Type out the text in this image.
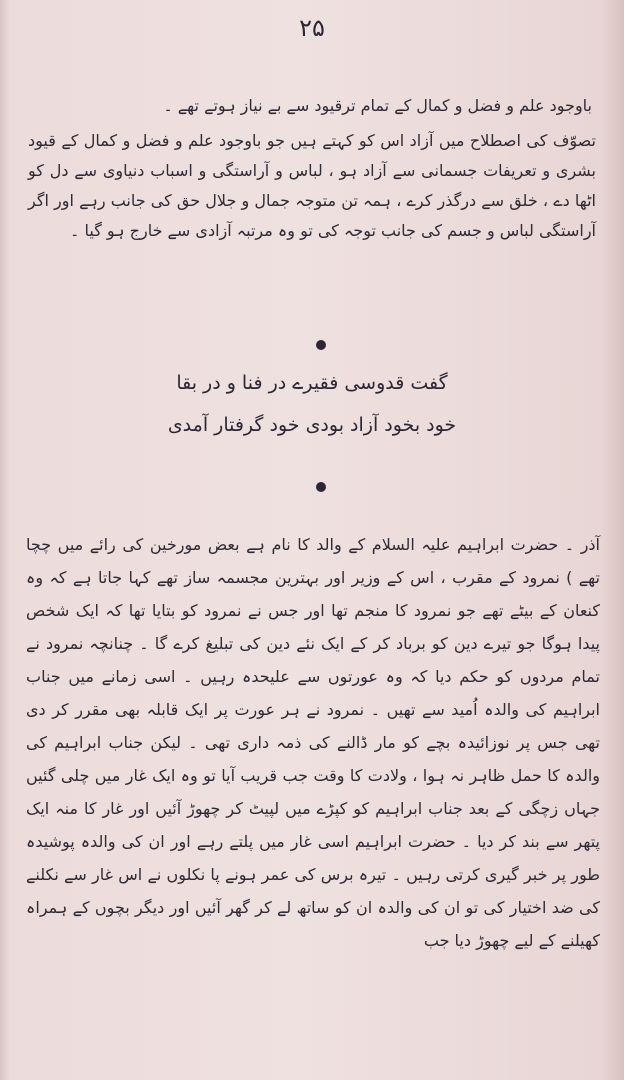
۲۵
باوجود علم و فضل و کمال کے تمام ترقیود سے بے نیاز ہوتے تھے ۔
تصوّف کی اصطلاح میں آزاد اس کو کہتے ہیں جو باوجود علم و فضل و کمال کے قیود بشری و تعریفات جسمانی سے آزاد ہو ، لباس و آراستگی و اسباب دنیاوی سے دل کو اٹھا دے ، خلق سے درگذر کرے ، ہمہ تن متوجہ جمال و جلال حق کی جانب رہے اور اگر آراستگی لباس و جسم کی جانب توجہ کی تو وہ مرتبہ آزادی سے خارج ہو گیا ۔
گفت قدوسی فقیرے در فنا و در بقا
خود بخود آزاد بودی خود گرفتار آمدی
آذر ۔ حضرت ابراہیم علیہ السلام کے والد کا نام ہے بعض مورخین کی رائے میں چچا تھے ) نمرود کے مقرب ، اس کے وزیر اور بہترین مجسمہ ساز تھے کہا جاتا ہے کہ وہ کنعان کے بیٹے تھے جو نمرود کا منجم تھا اور جس نے نمرود کو بتایا تھا کہ ایک شخص پیدا ہوگا جو تیرے دین کو برباد کر کے ایک نئے دین کی تبلیغ کرے گا ۔ چنانچہ نمرود نے تمام مردوں کو حکم دیا کہ وہ عورتوں سے علیحدہ رہیں ۔ اسی زمانے میں جناب ابراہیم کی والدہ اُمید سے تھیں ۔ نمرود نے ہر عورت پر ایک قابلہ بھی مقرر کر دی تھی جس پر نوزائیدہ بچے کو مار ڈالنے کی ذمہ داری تھی ۔ لیکن جناب ابراہیم کی والدہ کا حمل ظاہر نہ ہوا ، ولادت کا وقت جب قریب آیا تو وہ ایک غار میں چلی گئیں جہاں زچگی کے بعد جناب ابراہیم کو کپڑے میں لپیٹ کر چھوڑ آئیں اور غار کا منہ ایک پتھر سے بند کر دیا ۔ حضرت ابراہیم اسی غار میں پلتے رہے اور ان کی والدہ پوشیدہ طور پر خبر گیری کرتی رہیں ۔ تیرہ برس کی عمر ہونے پا نکلوں نے اس غار سے نکلنے کی ضد اختیار کی تو ان کی والدہ ان کو ساتھ لے کر گھر آئیں اور دیگر بچوں کے ہمراہ کھیلنے کے لیے چھوڑ دیا جب
